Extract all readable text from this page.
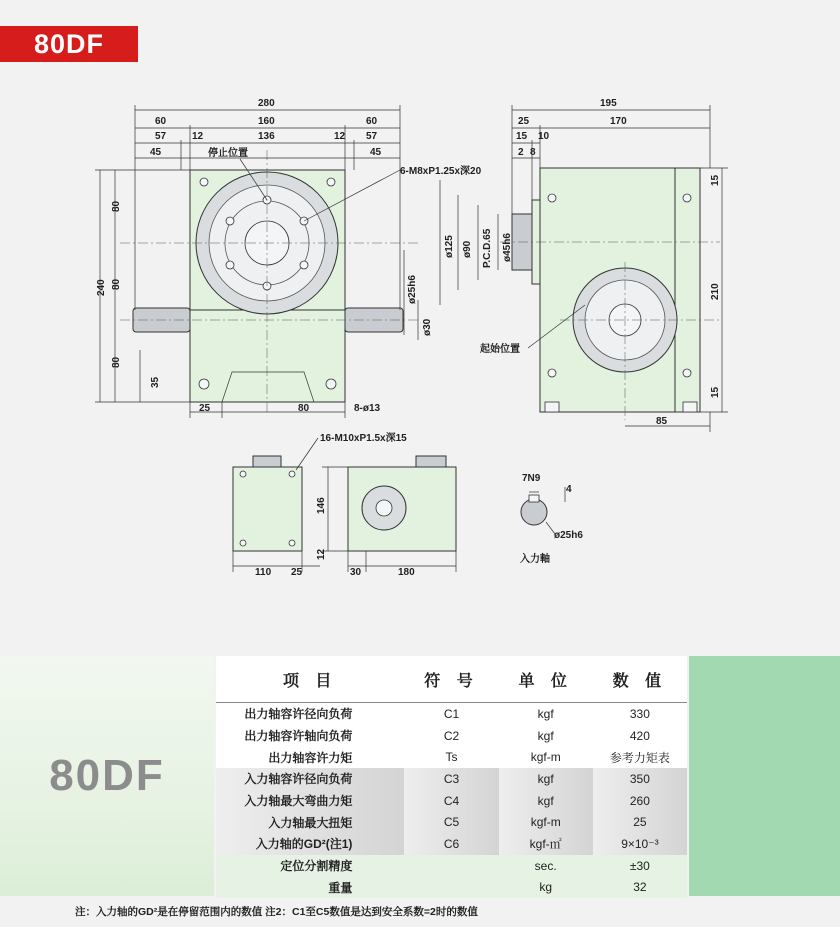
280
60	160	60
57	12	136	12 57
45	45
停止位置
6-M8xP1.25x深20
240
80
80
80
35
ø25h6
ø30
25	80	8-ø13
195
25	170
15 10
2 8
ø125 ø90 P.C.D.65 ø45h6
15
210
15
起始位置
85
16-M10xP1.5x深15
110 25
146
12
30	180
7N9
4
ø25h6
入力軸
80DF
80DF
项 目	符 号	单 位	数 值
出力轴容许径向负荷	C1	kgf	330
出力轴容许轴向负荷	C2	kgf	420
出力轴容许力矩	Ts	kgf-m	参考力矩表
入力轴容许径向负荷	C3	kgf	350
入力轴最大弯曲力矩	C4	kgf	260
入力轴最大扭矩	C5	kgf-m	25
入力轴的GD²(注1)	C6	kgf-㎡	9×10⁻³
定位分割精度		sec.	±30
重量		kg	32
注：入力轴的GD²是在停留范围内的数值 注2：C1至C5数值是达到安全系数=2时的数值
